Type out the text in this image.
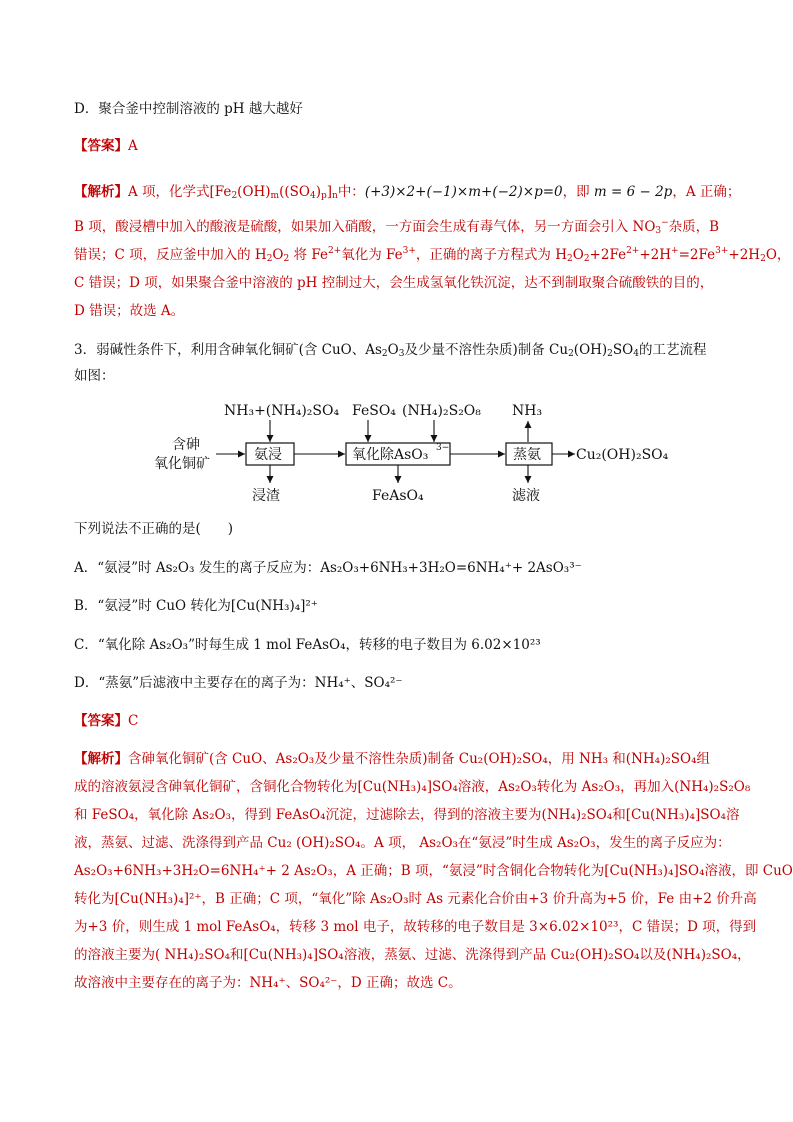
D．聚合釜中控制溶液的 pH 越大越好
【答案】A
【解析】A 项，化学式[$Fe_2(OH)_m((SO_4)_p]_n$中：(+3)×2+(−1)×m+(−2)×p=0，即 m = 6 − 2p，A 正确；
B 项，酸浸槽中加入的酸液是硫酸，如果加入硝酸，一方面会生成有毒气体，另一方面会引入 $NO_3^-$杂质，B
错误；C 项，反应釜中加入的 $H_2O_2$ 将 $Fe^{2+}$氧化为 $Fe^{3+}$，正确的离子方程式为 $H_2O_2+2Fe^{2+}+2H^+=2Fe^{3+}+2H_2O$，
C 错误；D 项，如果聚合釜中溶液的 pH 控制过大，会生成氢氧化铁沉淀，达不到制取聚合硫酸铁的目的，
D 错误；故选 A。
3．弱碱性条件下，利用含砷氧化铜矿(含 CuO、$As_2O_3$及少量不溶性杂质)制备 $Cu_2(OH)_2SO_4$的工艺流程
如图：
NH₃+(NH₄)₂SO₄ FeSO₄ (NH₄)₂S₂O₈ NH₃
含砷
氧化铜矿
氨浸	氧化除AsO₃ 3−	蒸氨	Cu₂(OH)₂SO₄
浸渣	FeAsO₄	滤液
下列说法不正确的是(　　)
A．“氨浸”时 As₂O₃ 发生的离子反应为：As₂O₃+6NH₃+3H₂O=6NH₄⁺+ 2AsO₃³⁻
B．“氨浸”时 CuO 转化为[Cu(NH₃)₄]²⁺
C．“氧化除 As₂O₃”时每生成 1 mol FeAsO₄，转移的电子数目为 6.02×10²³
D．“蒸氨”后滤液中主要存在的离子为：NH₄⁺、SO₄²⁻
【答案】C
【解析】含砷氧化铜矿(含 CuO、As₂O₃及少量不溶性杂质)制备 Cu₂(OH)₂SO₄，用 NH₃ 和(NH₄)₂SO₄组
成的溶液氨浸含砷氧化铜矿，含铜化合物转化为[Cu(NH₃)₄]SO₄溶液，As₂O₃转化为 As₂O₃，再加入(NH₄)₂S₂O₈
和 FeSO₄，氧化除 As₂O₃，得到 FeAsO₄沉淀，过滤除去，得到的溶液主要为(NH₄)₂SO₄和[Cu(NH₃)₄]SO₄溶
液，蒸氨、过滤、洗涤得到产品 Cu₂ (OH)₂SO₄。A 项， As₂O₃在“氨浸”时生成 As₂O₃，发生的离子反应为：
As₂O₃+6NH₃+3H₂O=6NH₄⁺+ 2 As₂O₃，A 正确；B 项，“氨浸”时含铜化合物转化为[Cu(NH₃)₄]SO₄溶液，即 CuO
转化为[Cu(NH₃)₄]²⁺，B 正确；C 项，“氧化”除 As₂O₃时 As 元素化合价由+3 价升高为+5 价，Fe 由+2 价升高
为+3 价，则生成 1 mol FeAsO₄，转移 3 mol 电子，故转移的电子数目是 3×6.02×10²³，C 错误；D 项，得到
的溶液主要为( NH₄)₂SO₄和[Cu(NH₃)₄]SO₄溶液，蒸氨、过滤、洗涤得到产品 Cu₂(OH)₂SO₄以及(NH₄)₂SO₄，
故溶液中主要存在的离子为：NH₄⁺、SO₄²⁻，D 正确；故选 C。
